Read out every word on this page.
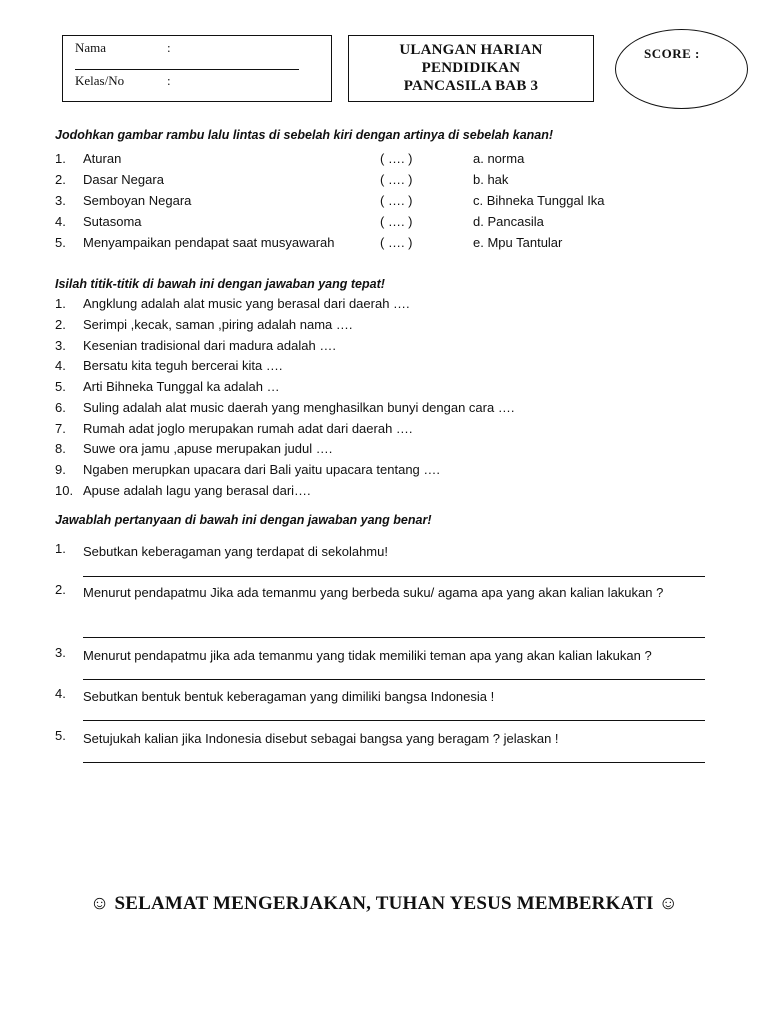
Nama	:
Kelas/No	:
ULANGAN HARIAN
PENDIDIKAN
PANCASILA BAB 3
SCORE :
Jodohkan gambar rambu lalu lintas di sebelah kiri dengan artinya di sebelah kanan!
1. Aturan	( …. )	a. norma
2. Dasar Negara	( …. )	b. hak
3. Semboyan Negara	( …. )	c. Bihneka Tunggal Ika
4. Sutasoma	( …. )	d. Pancasila
5. Menyampaikan pendapat saat musyawarah	( …. )	e. Mpu Tantular
Isilah titik-titik di bawah ini dengan jawaban yang tepat!
1. Angklung adalah alat music yang berasal dari daerah ….
2. Serimpi ,kecak, saman ,piring adalah nama ….
3. Kesenian tradisional dari madura adalah ….
4. Bersatu kita teguh bercerai kita ….
5. Arti Bihneka Tunggal ka adalah …
6. Suling adalah alat music daerah yang menghasilkan bunyi dengan cara ….
7. Rumah adat joglo merupakan rumah adat dari daerah ….
8. Suwe ora jamu ,apuse merupakan judul ….
9. Ngaben merupkan upacara dari Bali yaitu upacara tentang ….
10. Apuse adalah lagu yang berasal dari….
Jawablah pertanyaan di bawah ini dengan jawaban yang benar!
1. Sebutkan keberagaman yang terdapat di sekolahmu!
2. Menurut pendapatmu Jika ada temanmu yang berbeda suku/ agama apa yang akan kalian lakukan ?
3. Menurut pendapatmu jika ada temanmu yang tidak memiliki teman apa yang akan kalian lakukan ?
4. Sebutkan bentuk bentuk keberagaman yang dimiliki bangsa Indonesia !
5. Setujukah kalian jika Indonesia disebut sebagai bangsa yang beragam ? jelaskan !
☺ SELAMAT MENGERJAKAN, TUHAN YESUS MEMBERKATI ☺
